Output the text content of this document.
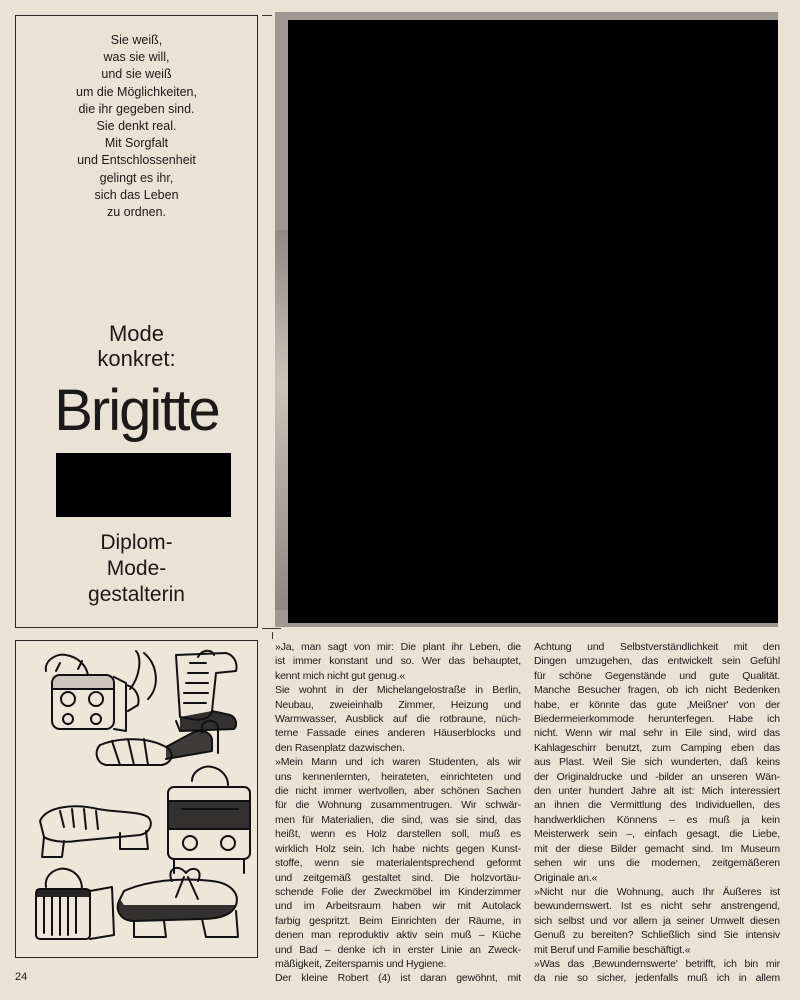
Sie weiß,
was sie will,
und sie weiß
um die Möglichkeiten,
die ihr gegeben sind.
Sie denkt real.
Mit Sorgfalt
und Entschlossenheit
gelingt es ihr,
sich das Leben
zu ordnen.
Mode
konkret:
Brigitte
Diplom-
Mode-
gestalterin
»Ja, man sagt von mir: Die plant ihr Leben, die
ist immer konstant und so. Wer das behauptet,
kennt mich nicht gut genug.«
Sie wohnt in der Michelangelostraße in Berlin,
Neubau, zweieinhalb Zimmer, Heizung und
Warmwasser, Ausblick auf die rotbraune, nüch-
terne Fassade eines anderen Häuserblocks und
den Rasenplatz dazwischen.
»Mein Mann und ich waren Studenten, als wir
uns kennenlernten, heirateten, einrichteten und
die nicht immer wertvollen, aber schönen Sachen
für die Wohnung zusammentrugen. Wir schwär-
men für Materialien, die sind, was sie sind, das
heißt, wenn es Holz darstellen soll, muß es
wirklich Holz sein. Ich habe nichts gegen Kunst-
stoffe, wenn sie materialentsprechend geformt
und zeitgemäß gestaltet sind. Die holzvortäu-
schende Folie der Zweckmöbel im Kinderzimmer
und im Arbeitsraum haben wir mit Autolack
farbig gespritzt. Beim Einrichten der Räume, in
denen man reproduktiv aktiv sein muß – Küche
und Bad – denke ich in erster Linie an Zweck-
mäßigkeit, Zeitersparnis und Hygiene.
Der kleine Robert (4) ist daran gewöhnt, mit
Achtung und Selbstverständlichkeit mit den
Dingen umzugehen, das entwickelt sein Gefühl
für schöne Gegenstände und gute Qualität.
Manche Besucher fragen, ob ich nicht Bedenken
habe, er könnte das gute ‚Meißner' von der
Biedermeierkommode herunterfegen. Habe ich
nicht. Wenn wir mal sehr in Eile sind, wird das
Kahlageschirr benutzt, zum Camping eben das
aus Plast. Weil Sie sich wunderten, daß keins
der Originaldrucke und -bilder an unseren Wän-
den unter hundert Jahre alt ist: Mich interessiert
an ihnen die Vermittlung des Individuellen, des
handwerklichen Könnens – es muß ja kein
Meisterwerk sein –, einfach gesagt, die Liebe,
mit der diese Bilder gemacht sind. Im Museum
sehen wir uns die modernen, zeitgemäßeren
Originale an.«
»Nicht nur die Wohnung, auch Ihr Äußeres ist
bewundernswert. Ist es nicht sehr anstrengend,
sich selbst und vor allem ja seiner Umwelt diesen
Genuß zu bereiten? Schließlich sind Sie intensiv
mit Beruf und Familie beschäftigt.«
»Was das ‚Bewundernswerte' betrifft, ich bin mir
da nie so sicher, jedenfalls muß ich in allem
24
